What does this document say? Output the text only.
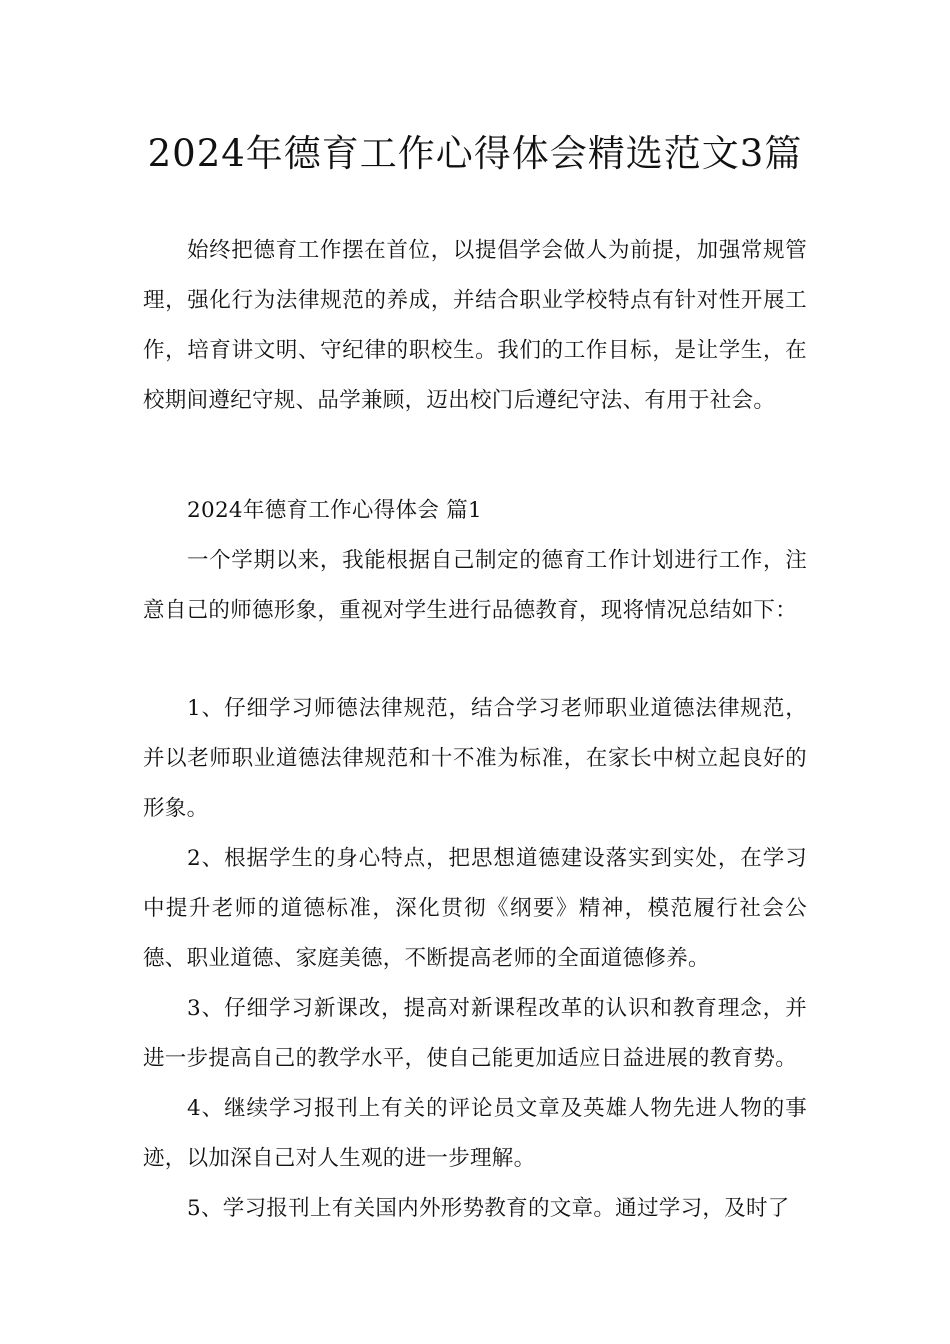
2024年德育工作心得体会精选范文3篇

始终把德育工作摆在首位，以提倡学会做人为前提，加强常规管理，强化行为法律规范的养成，并结合职业学校特点有针对性开展工作，培育讲文明、守纪律的职校生。我们的工作目标，是让学生，在校期间遵纪守规、品学兼顾，迈出校门后遵纪守法、有用于社会。

2024年德育工作心得体会 篇1

一个学期以来，我能根据自己制定的德育工作计划进行工作，注意自己的师德形象，重视对学生进行品德教育，现将情况总结如下：

1、仔细学习师德法律规范，结合学习老师职业道德法律规范，并以老师职业道德法律规范和十不准为标准，在家长中树立起良好的形象。

2、根据学生的身心特点，把思想道德建设落实到实处，在学习中提升老师的道德标准，深化贯彻《纲要》精神，模范履行社会公德、职业道德、家庭美德，不断提高老师的全面道德修养。

3、仔细学习新课改，提高对新课程改革的认识和教育理念，并进一步提高自己的教学水平，使自己能更加适应日益进展的教育势。

4、继续学习报刊上有关的评论员文章及英雄人物先进人物的事迹，以加深自己对人生观的进一步理解。

5、学习报刊上有关国内外形势教育的文章。通过学习，及时了
